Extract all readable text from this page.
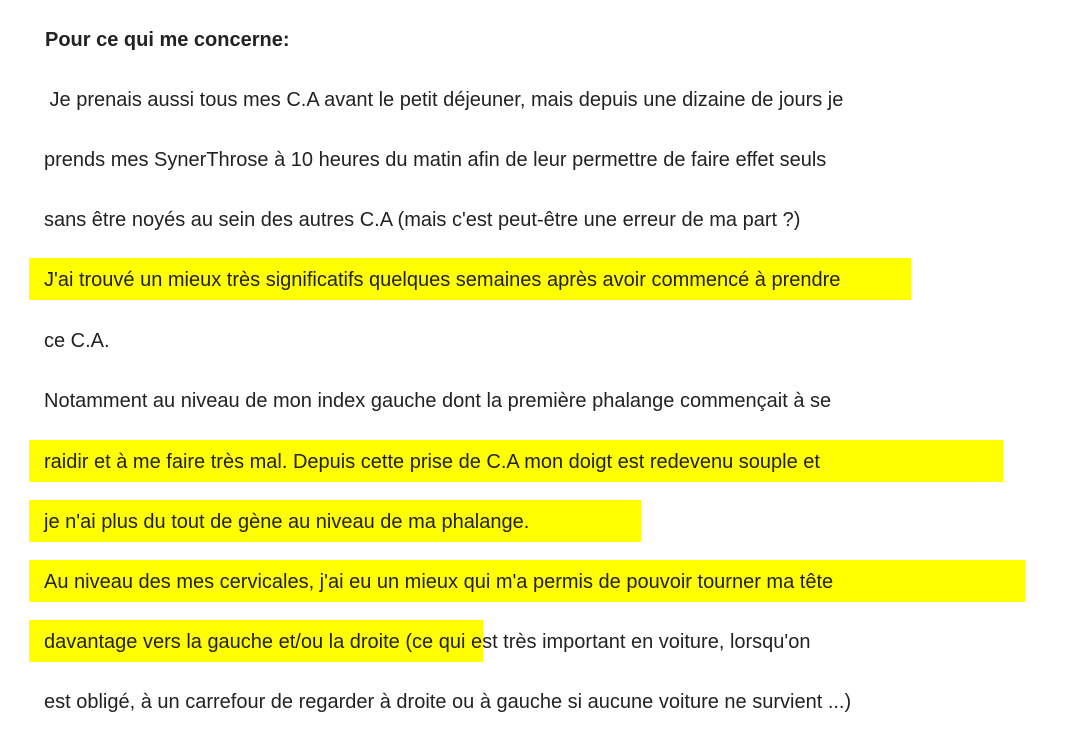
Pour ce qui me concerne:
Je prenais aussi tous mes C.A avant le petit déjeuner, mais depuis une dizaine de jours je
prends mes SynerThrose à 10 heures du matin afin de leur permettre de faire effet seuls
sans être noyés au sein des autres C.A (mais c'est peut-être une erreur de ma part ?)
J'ai trouvé un mieux très significatifs quelques semaines après avoir commencé à prendre
ce C.A.
Notamment au niveau de mon index gauche dont la première phalange commençait à se
raidir et à me faire très mal. Depuis cette prise de C.A mon doigt est redevenu souple et
je n'ai plus du tout de gène au niveau de ma phalange.
Au niveau des mes cervicales, j'ai eu un mieux qui m'a permis de pouvoir tourner ma tête
davantage vers la gauche et/ou la droite (ce qui est très important en voiture, lorsqu'on
est obligé, à un carrefour de regarder à droite ou à gauche si aucune voiture ne survient ...)
